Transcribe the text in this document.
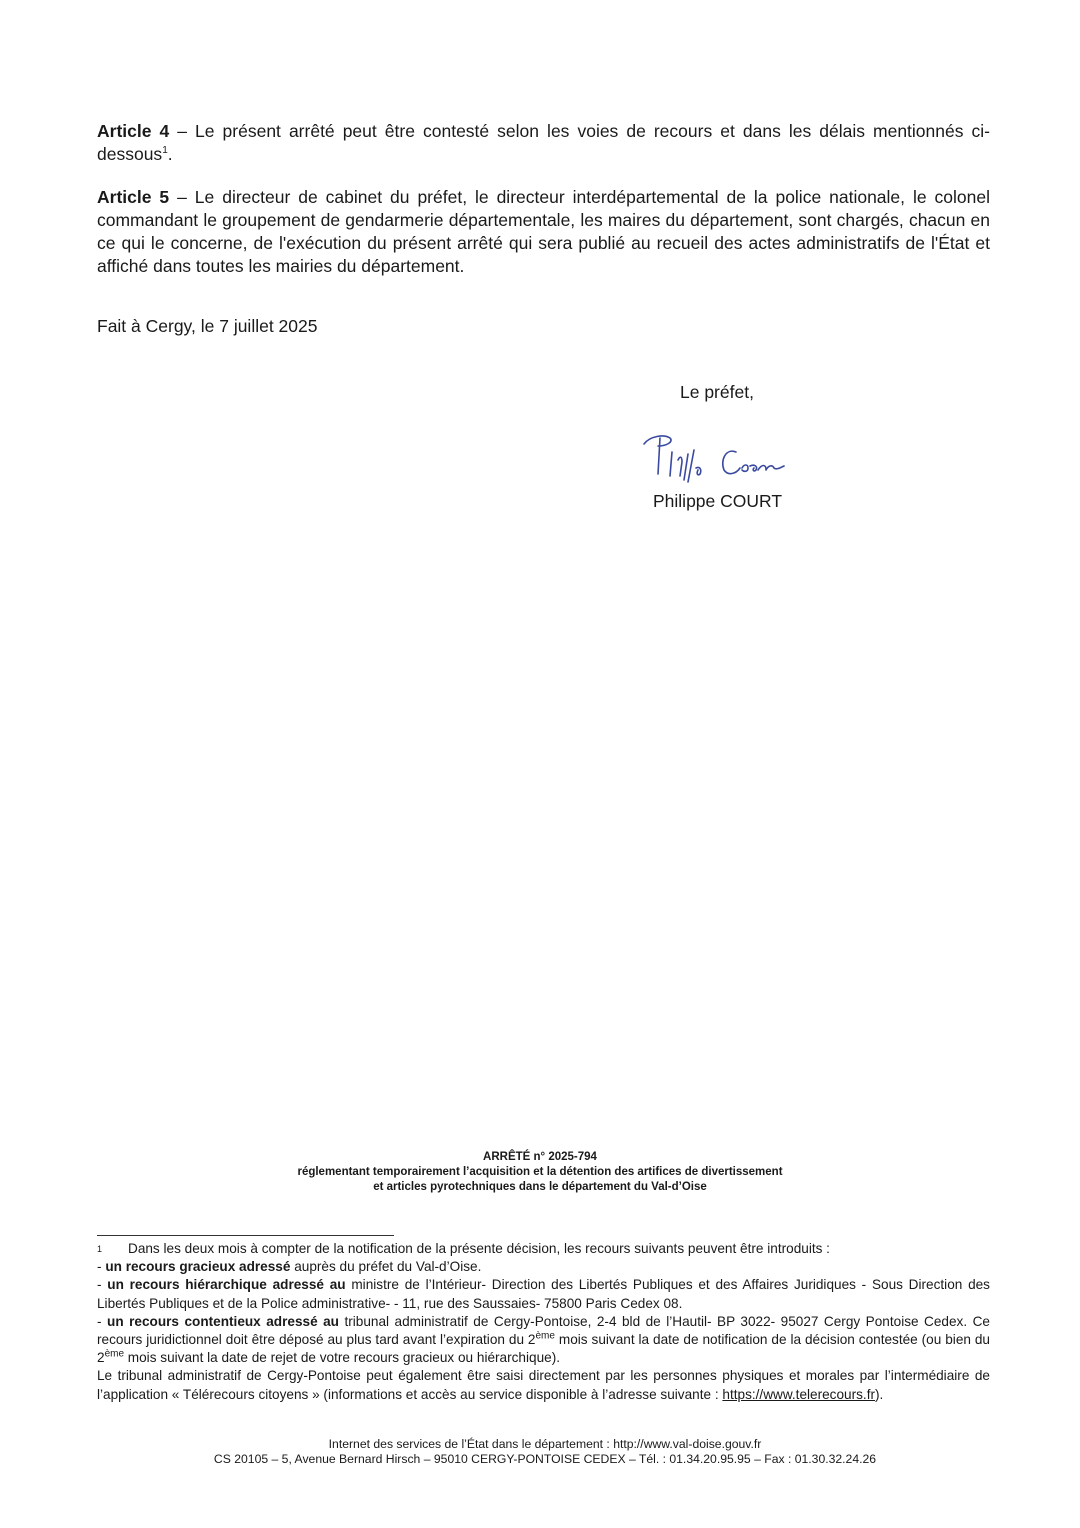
Article 4 – Le présent arrêté peut être contesté selon les voies de recours et dans les délais mentionnés ci-dessous$^1$.

Article 5 – Le directeur de cabinet du préfet, le directeur interdépartemental de la police nationale, le colonel commandant le groupement de gendarmerie départementale, les maires du département, sont chargés, chacun en ce qui le concerne, de l'exécution du présent arrêté qui sera publié au recueil des actes administratifs de l'État et affiché dans toutes les mairies du département.

Fait à Cergy, le 7 juillet 2025
Le préfet,
Philippe COURT
ARRÊTÉ n° 2025-794
réglementant temporairement l’acquisition et la détention des artifices de divertissement
et articles pyrotechniques dans le département du Val-d’Oise

1 Dans les deux mois à compter de la notification de la présente décision, les recours suivants peuvent être introduits :

- un recours gracieux adressé auprès du préfet du Val-d’Oise.

- un recours hiérarchique adressé au ministre de l’Intérieur- Direction des Libertés Publiques et des Affaires Juridiques - Sous Direction des Libertés Publiques et de la Police administrative- - 11, rue des Saussaies- 75800 Paris Cedex 08.

- un recours contentieux adressé au tribunal administratif de Cergy-Pontoise, 2-4 bld de l’Hautil- BP 3022- 95027 Cergy Pontoise Cedex. Ce recours juridictionnel doit être déposé au plus tard avant l’expiration du 2ème mois suivant la date de notification de la décision contestée (ou bien du 2ème mois suivant la date de rejet de votre recours gracieux ou hiérarchique).

Le tribunal administratif de Cergy-Pontoise peut également être saisi directement par les personnes physiques et morales par l’intermédiaire de l’application « Télérecours citoyens » (informations et accès au service disponible à l’adresse suivante : https://www.telerecours.fr).

Internet des services de l’État dans le département : http://www.val-doise.gouv.fr
CS 20105 – 5, Avenue Bernard Hirsch – 95010 CERGY-PONTOISE CEDEX – Tél. : 01.34.20.95.95 – Fax : 01.30.32.24.26
